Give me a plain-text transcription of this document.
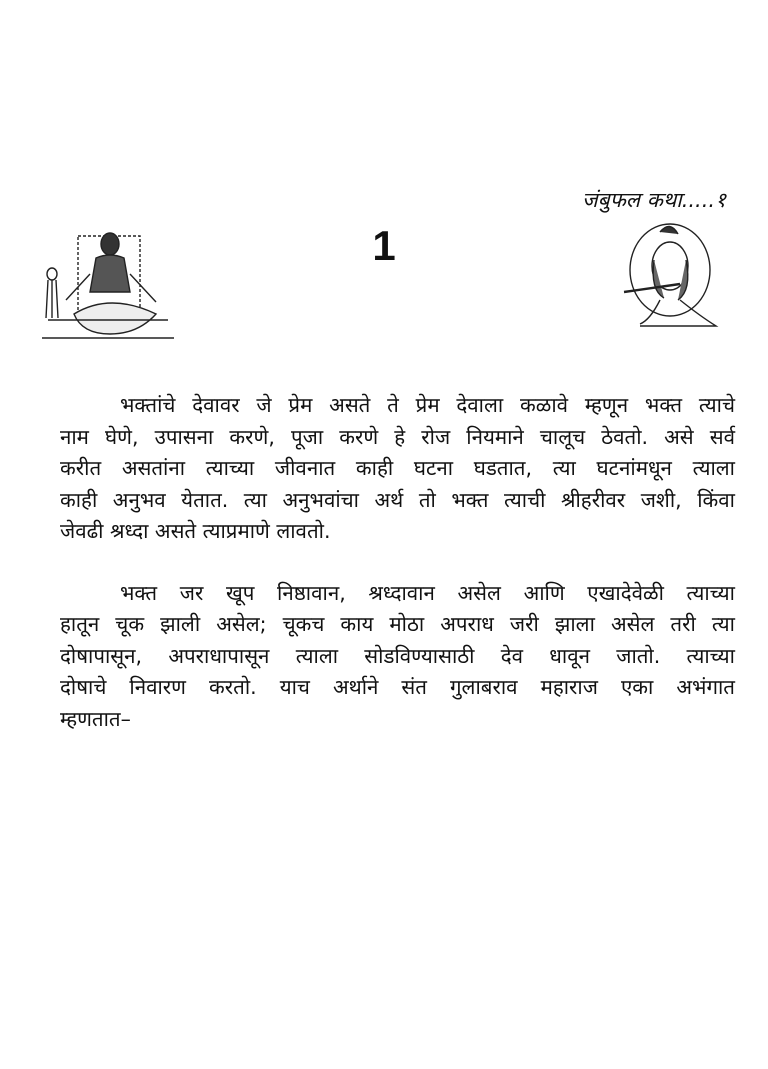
जंबुफल कथा.....१
1
भक्तांचे देवावर जे प्रेम असते ते प्रेम देवाला कळावे म्हणून भक्त त्याचे
नाम घेणे, उपासना करणे, पूजा करणे हे रोज नियमाने चालूच ठेवतो. असे सर्व
करीत असतांना त्याच्या जीवनात काही घटना घडतात, त्या घटनांमधून त्याला
काही अनुभव येतात. त्या अनुभवांचा अर्थ तो भक्त त्याची श्रीहरीवर जशी, किंवा
जेवढी श्रध्दा असते त्याप्रमाणे लावतो.
भक्त जर खूप निष्ठावान, श्रध्दावान असेल आणि एखादेवेळी त्याच्या
हातून चूक झाली असेल; चूकच काय मोठा अपराध जरी झाला असेल तरी त्या
दोषापासून, अपराधापासून त्याला सोडविण्यासाठी देव धावून जातो. त्याच्या
दोषाचे निवारण करतो. याच अर्थाने संत गुलाबराव महाराज एका अभंगात
म्हणतात–
